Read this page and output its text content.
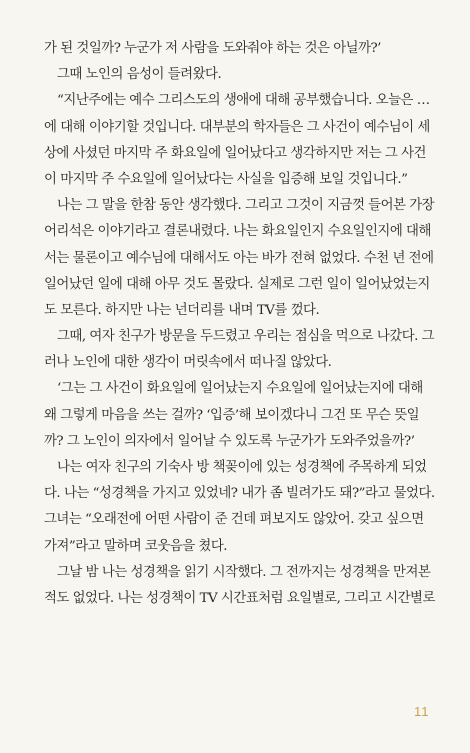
가 된 것일까? 누군가 저 사람을 도와줘야 하는 것은 아닐까?’
그때 노인의 음성이 들려왔다.
“지난주에는 예수 그리스도의 생애에 대해 공부했습니다. 오늘은 …
에 대해 이야기할 것입니다. 대부분의 학자들은 그 사건이 예수님이 세
상에 사셨던 마지막 주 화요일에 일어났다고 생각하지만 저는 그 사건
이 마지막 주 수요일에 일어났다는 사실을 입증해 보일 것입니다.”
나는 그 말을 한참 동안 생각했다. 그리고 그것이 지금껏 들어본 가장
어리석은 이야기라고 결론내렸다. 나는 화요일인지 수요일인지에 대해
서는 물론이고 예수님에 대해서도 아는 바가 전혀 없었다. 수천 년 전에
일어났던 일에 대해 아무 것도 몰랐다. 실제로 그런 일이 일어났었는지
도 모른다. 하지만 나는 넌더리를 내며 TV를 껐다.
그때, 여자 친구가 방문을 두드렸고 우리는 점심을 먹으로 나갔다. 그
러나 노인에 대한 생각이 머릿속에서 떠나질 않았다.
‘그는 그 사건이 화요일에 일어났는지 수요일에 일어났는지에 대해
왜 그렇게 마음을 쓰는 걸까? ‘입증’해 보이겠다니 그건 또 무슨 뜻일
까? 그 노인이 의자에서 일어날 수 있도록 누군가가 도와주었을까?’
나는 여자 친구의 기숙사 방 책꽂이에 있는 성경책에 주목하게 되었
다. 나는 “성경책을 가지고 있었네? 내가 좀 빌려가도 돼?”라고 물었다.
그녀는 “오래전에 어떤 사람이 준 건데 펴보지도 않았어. 갖고 싶으면
가져”라고 말하며 코웃음을 쳤다.
그날 밤 나는 성경책을 읽기 시작했다. 그 전까지는 성경책을 만져본
적도 없었다. 나는 성경책이 TV 시간표처럼 요일별로, 그리고 시간별로
11
